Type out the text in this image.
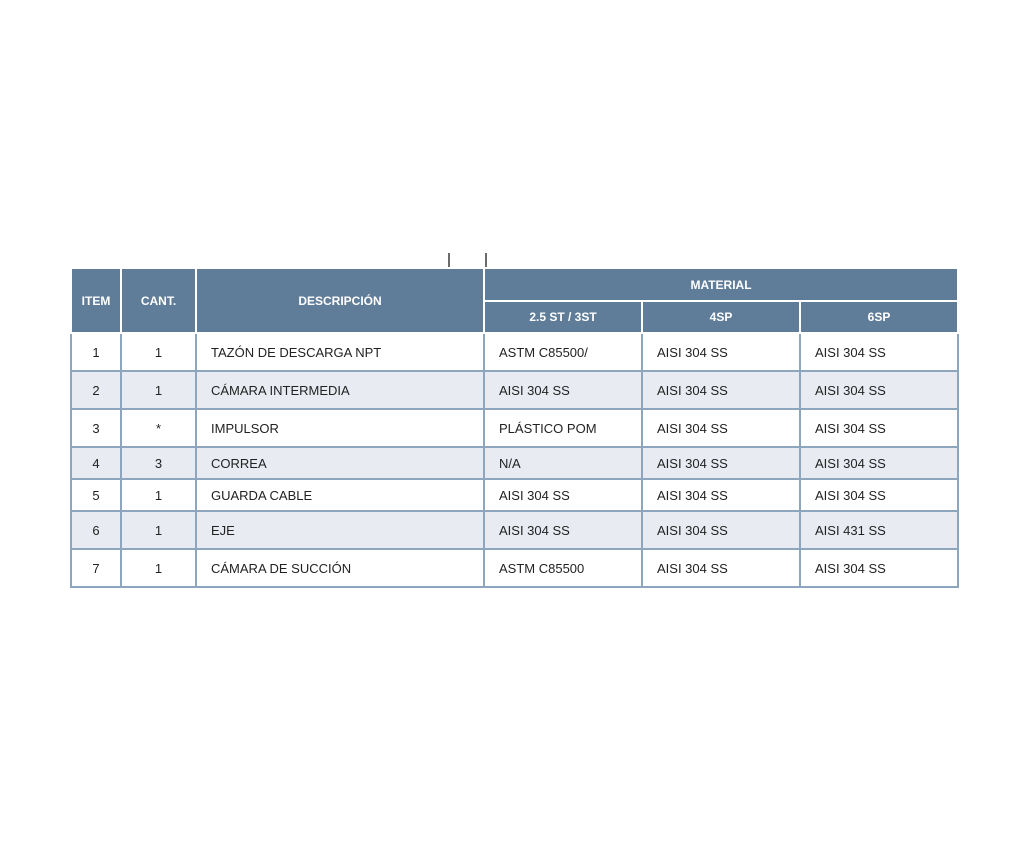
ITEM	CANT.	DESCRIPCIÓN	MATERIAL		
			2.5 ST / 3ST	4SP	6SP
1	1	TAZÓN DE DESCARGA NPT	ASTM C85500/	AISI 304 SS	AISI 304 SS
2	1	CÁMARA INTERMEDIA	AISI 304 SS	AISI 304 SS	AISI 304 SS
3	*	IMPULSOR	PLÁSTICO POM	AISI 304 SS	AISI 304 SS
4	3	CORREA	N/A	AISI 304 SS	AISI 304 SS
5	1	GUARDA CABLE	AISI 304 SS	AISI 304 SS	AISI 304 SS
6	1	EJE	AISI 304 SS	AISI 304 SS	AISI 431 SS
7	1	CÁMARA DE SUCCIÓN	ASTM C85500	AISI 304 SS	AISI 304 SS
